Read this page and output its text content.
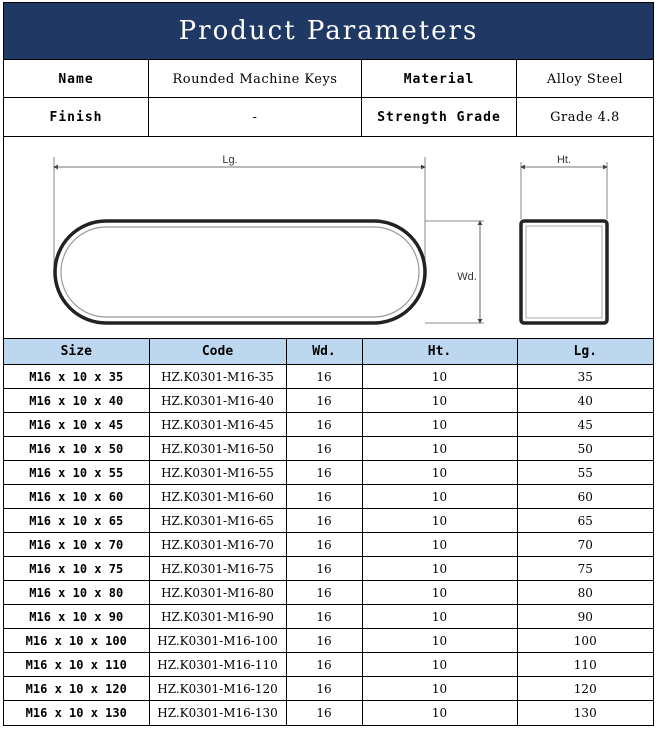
Product Parameters
Name	Rounded Machine Keys	Material	Alloy Steel
Finish	-	Strength Grade	Grade 4.8
Lg.
Wd.
Ht.
Size	Code	Wd.	Ht.	Lg.
M16 x 10 x 35	HZ.K0301-M16-35	16	10	35
M16 x 10 x 40	HZ.K0301-M16-40	16	10	40
M16 x 10 x 45	HZ.K0301-M16-45	16	10	45
M16 x 10 x 50	HZ.K0301-M16-50	16	10	50
M16 x 10 x 55	HZ.K0301-M16-55	16	10	55
M16 x 10 x 60	HZ.K0301-M16-60	16	10	60
M16 x 10 x 65	HZ.K0301-M16-65	16	10	65
M16 x 10 x 70	HZ.K0301-M16-70	16	10	70
M16 x 10 x 75	HZ.K0301-M16-75	16	10	75
M16 x 10 x 80	HZ.K0301-M16-80	16	10	80
M16 x 10 x 90	HZ.K0301-M16-90	16	10	90
M16 x 10 x 100	HZ.K0301-M16-100	16	10	100
M16 x 10 x 110	HZ.K0301-M16-110	16	10	110
M16 x 10 x 120	HZ.K0301-M16-120	16	10	120
M16 x 10 x 130	HZ.K0301-M16-130	16	10	130
